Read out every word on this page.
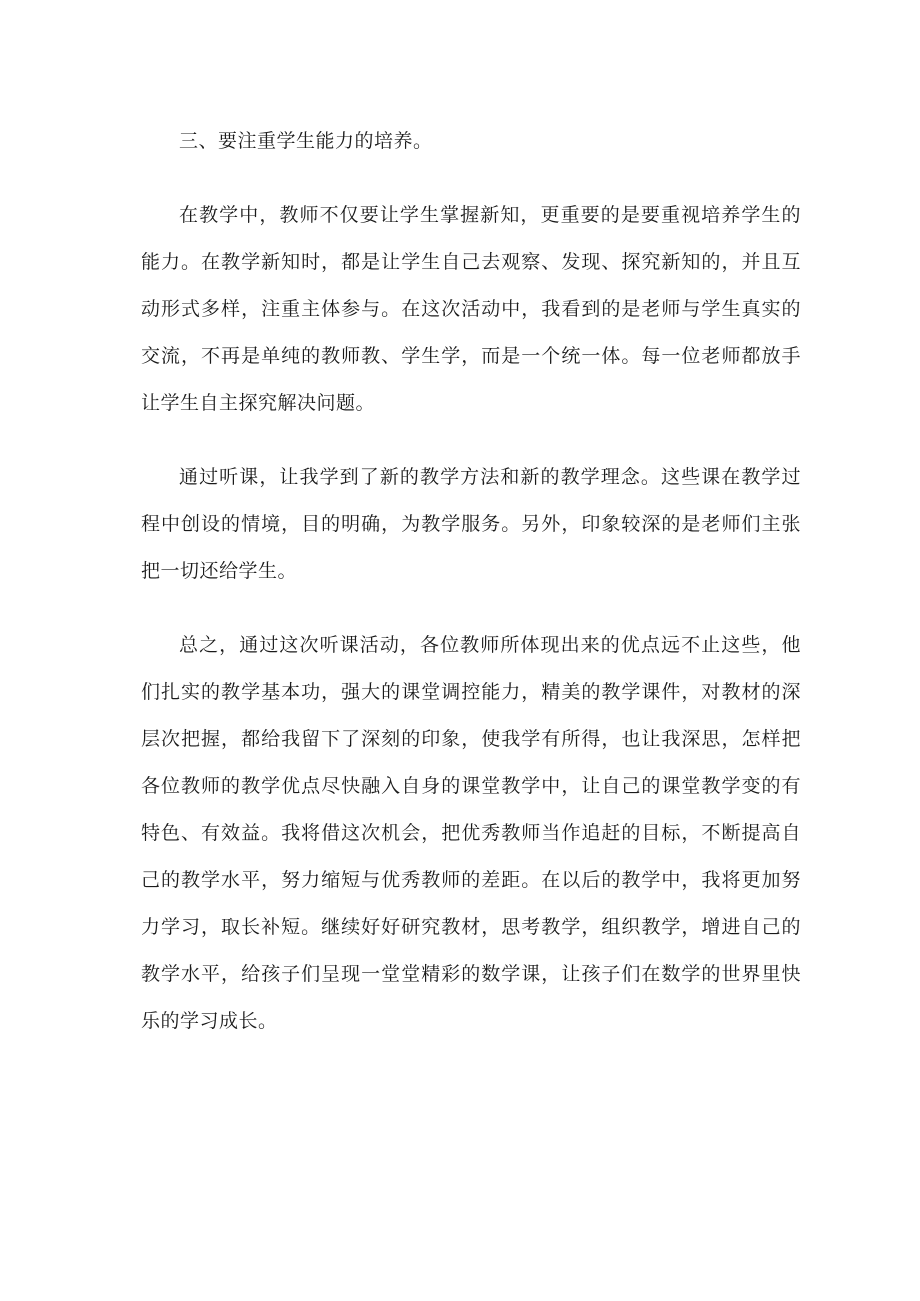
三、要注重学生能力的培养。

在教学中，教师不仅要让学生掌握新知，更重要的是要重视培养学生的能力。在教学新知时，都是让学生自己去观察、发现、探究新知的，并且互动形式多样，注重主体参与。在这次活动中，我看到的是老师与学生真实的交流，不再是单纯的教师教、学生学，而是一个统一体。每一位老师都放手让学生自主探究解决问题。

通过听课，让我学到了新的教学方法和新的教学理念。这些课在教学过程中创设的情境，目的明确，为教学服务。另外，印象较深的是老师们主张把一切还给学生。

总之，通过这次听课活动，各位教师所体现出来的优点远不止这些，他们扎实的教学基本功，强大的课堂调控能力，精美的教学课件，对教材的深层次把握，都给我留下了深刻的印象，使我学有所得，也让我深思，怎样把各位教师的教学优点尽快融入自身的课堂教学中，让自己的课堂教学变的有特色、有效益。我将借这次机会，把优秀教师当作追赶的目标，不断提高自己的教学水平，努力缩短与优秀教师的差距。在以后的教学中，我将更加努力学习，取长补短。继续好好研究教材，思考教学，组织教学，增进自己的教学水平，给孩子们呈现一堂堂精彩的数学课，让孩子们在数学的世界里快乐的学习成长。
